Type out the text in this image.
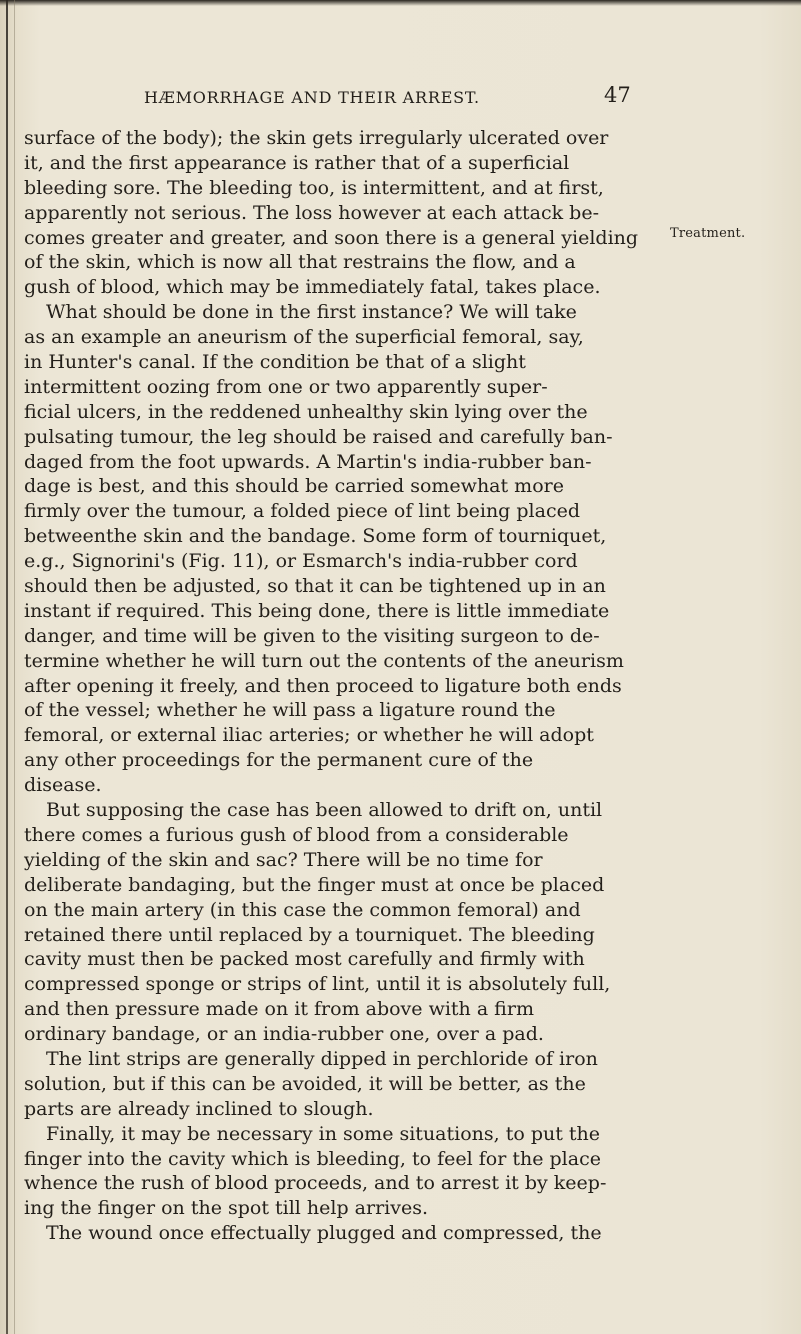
HÆMORRHAGE AND THEIR ARREST.	47
Treatment.
surface of the body); the skin gets irregularly ulcerated over
it, and the first appearance is rather that of a superficial
bleeding sore. The bleeding too, is intermittent, and at first,
apparently not serious. The loss however at each attack be-
comes greater and greater, and soon there is a general yielding
of the skin, which is now all that restrains the flow, and a
gush of blood, which may be immediately fatal, takes place.
What should be done in the first instance? We will take
as an example an aneurism of the superficial femoral, say,
in Hunter's canal. If the condition be that of a slight
intermittent oozing from one or two apparently super-
ficial ulcers, in the reddened unhealthy skin lying over the
pulsating tumour, the leg should be raised and carefully ban-
daged from the foot upwards. A Martin's india-rubber ban-
dage is best, and this should be carried somewhat more
firmly over the tumour, a folded piece of lint being placed
betweenthe skin and the bandage. Some form of tourniquet,
e.g., Signorini's (Fig. 11), or Esmarch's india-rubber cord
should then be adjusted, so that it can be tightened up in an
instant if required. This being done, there is little immediate
danger, and time will be given to the visiting surgeon to de-
termine whether he will turn out the contents of the aneurism
after opening it freely, and then proceed to ligature both ends
of the vessel; whether he will pass a ligature round the
femoral, or external iliac arteries; or whether he will adopt
any other proceedings for the permanent cure of the
disease.
But supposing the case has been allowed to drift on, until
there comes a furious gush of blood from a considerable
yielding of the skin and sac? There will be no time for
deliberate bandaging, but the finger must at once be placed
on the main artery (in this case the common femoral) and
retained there until replaced by a tourniquet. The bleeding
cavity must then be packed most carefully and firmly with
compressed sponge or strips of lint, until it is absolutely full,
and then pressure made on it from above with a firm
ordinary bandage, or an india-rubber one, over a pad.
The lint strips are generally dipped in perchloride of iron
solution, but if this can be avoided, it will be better, as the
parts are already inclined to slough.
Finally, it may be necessary in some situations, to put the
finger into the cavity which is bleeding, to feel for the place
whence the rush of blood proceeds, and to arrest it by keep-
ing the finger on the spot till help arrives.
The wound once effectually plugged and compressed, the
